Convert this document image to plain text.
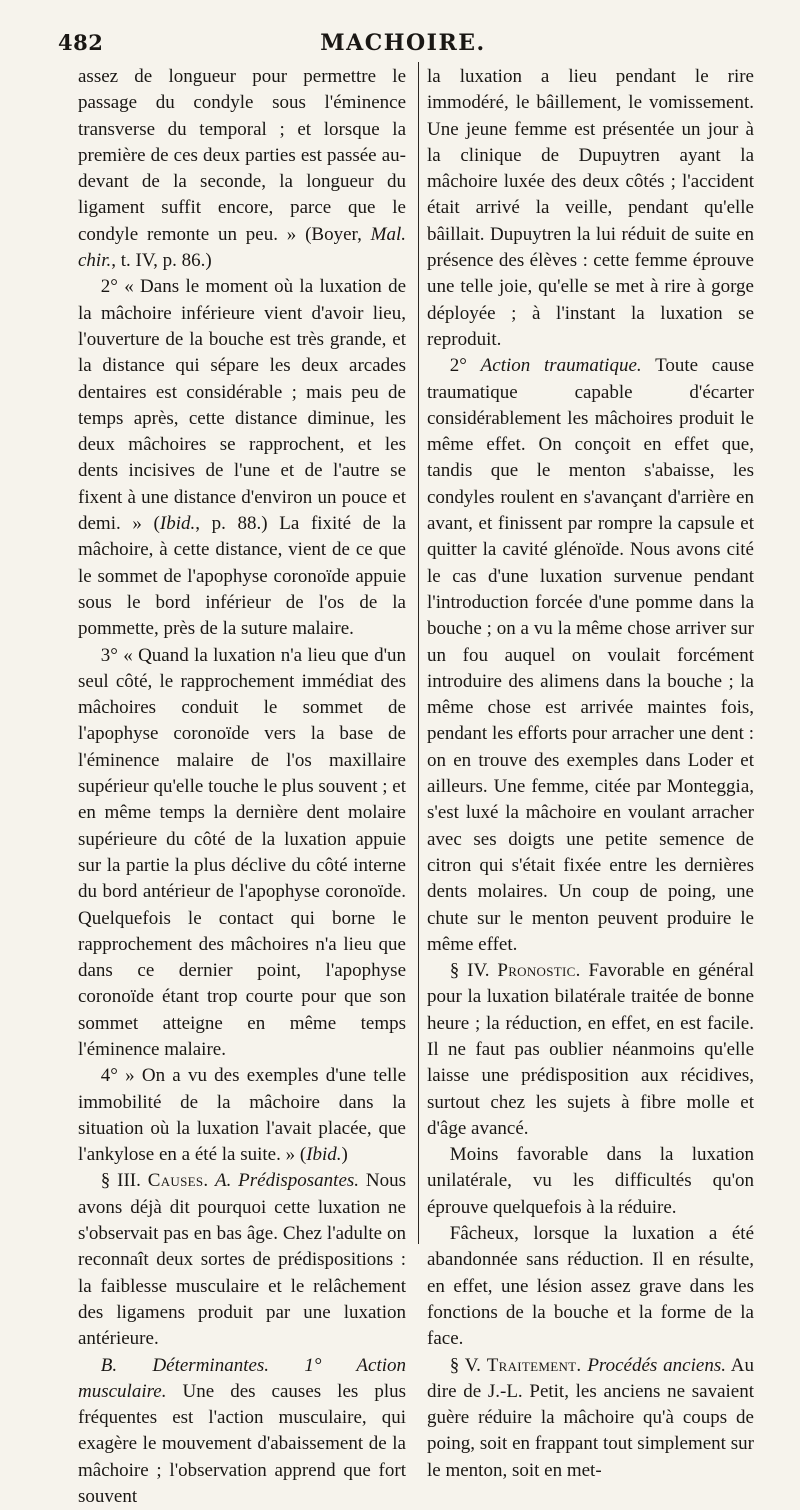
482	MACHOIRE.

assez de longueur pour permettre le passage du condyle sous l'éminence transverse du temporal ; et lorsque la première de ces deux parties est passée au-devant de la seconde, la longueur du ligament suffit encore, parce que le condyle remonte un peu. » (Boyer, Mal. chir., t. IV, p. 86.)

2° « Dans le moment où la luxation de la mâchoire inférieure vient d'avoir lieu, l'ouverture de la bouche est très grande, et la distance qui sépare les deux arcades dentaires est considérable ; mais peu de temps après, cette distance diminue, les deux mâchoires se rapprochent, et les dents incisives de l'une et de l'autre se fixent à une distance d'environ un pouce et demi. » (Ibid., p. 88.) La fixité de la mâchoire, à cette distance, vient de ce que le sommet de l'apophyse coronoïde appuie sous le bord inférieur de l'os de la pommette, près de la suture malaire.

3° « Quand la luxation n'a lieu que d'un seul côté, le rapprochement immédiat des mâchoires conduit le sommet de l'apophyse coronoïde vers la base de l'éminence malaire de l'os maxillaire supérieur qu'elle touche le plus souvent ; et en même temps la dernière dent molaire supérieure du côté de la luxation appuie sur la partie la plus déclive du côté interne du bord antérieur de l'apophyse coronoïde. Quelquefois le contact qui borne le rapprochement des mâchoires n'a lieu que dans ce dernier point, l'apophyse coronoïde étant trop courte pour que son sommet atteigne en même temps l'éminence malaire.

4° » On a vu des exemples d'une telle immobilité de la mâchoire dans la situation où la luxation l'avait placée, que l'ankylose en a été la suite. » (Ibid.)

§ III. Causes. A. Prédisposantes. Nous avons déjà dit pourquoi cette luxation ne s'observait pas en bas âge. Chez l'adulte on reconnaît deux sortes de prédispositions : la faiblesse musculaire et le relâchement des ligamens produit par une luxation antérieure.

B. Déterminantes. 1° Action musculaire. Une des causes les plus fréquentes est l'action musculaire, qui exagère le mouvement d'abaissement de la mâchoire ; l'observation apprend que fort souvent

la luxation a lieu pendant le rire immodéré, le bâillement, le vomissement. Une jeune femme est présentée un jour à la clinique de Dupuytren ayant la mâchoire luxée des deux côtés ; l'accident était arrivé la veille, pendant qu'elle bâillait. Dupuytren la lui réduit de suite en présence des élèves : cette femme éprouve une telle joie, qu'elle se met à rire à gorge déployée ; à l'instant la luxation se reproduit.

2° Action traumatique. Toute cause traumatique capable d'écarter considérablement les mâchoires produit le même effet. On conçoit en effet que, tandis que le menton s'abaisse, les condyles roulent en s'avançant d'arrière en avant, et finissent par rompre la capsule et quitter la cavité glénoïde. Nous avons cité le cas d'une luxation survenue pendant l'introduction forcée d'une pomme dans la bouche ; on a vu la même chose arriver sur un fou auquel on voulait forcément introduire des alimens dans la bouche ; la même chose est arrivée maintes fois, pendant les efforts pour arracher une dent : on en trouve des exemples dans Loder et ailleurs. Une femme, citée par Monteggia, s'est luxé la mâchoire en voulant arracher avec ses doigts une petite semence de citron qui s'était fixée entre les dernières dents molaires. Un coup de poing, une chute sur le menton peuvent produire le même effet.

§ IV. Pronostic. Favorable en général pour la luxation bilatérale traitée de bonne heure ; la réduction, en effet, en est facile. Il ne faut pas oublier néanmoins qu'elle laisse une prédisposition aux récidives, surtout chez les sujets à fibre molle et d'âge avancé.

Moins favorable dans la luxation unilatérale, vu les difficultés qu'on éprouve quelquefois à la réduire.

Fâcheux, lorsque la luxation a été abandonnée sans réduction. Il en résulte, en effet, une lésion assez grave dans les fonctions de la bouche et la forme de la face.

§ V. Traitement. Procédés anciens. Au dire de J.-L. Petit, les anciens ne savaient guère réduire la mâchoire qu'à coups de poing, soit en frappant tout simplement sur le menton, soit en met-
